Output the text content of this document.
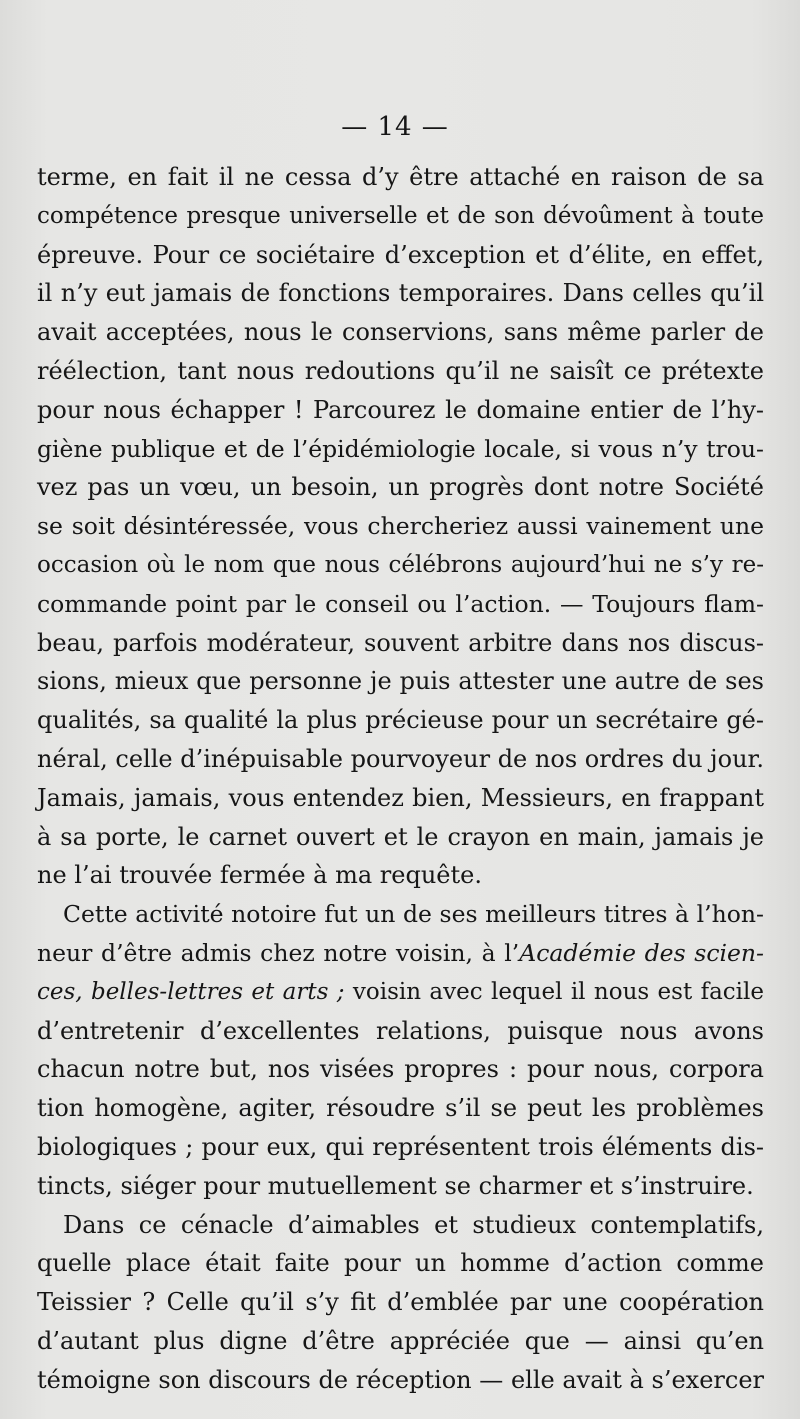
— 14 —
terme, en fait il ne cessa d’y être attaché en raison de sa
compétence presque universelle et de son dévoûment à toute
épreuve. Pour ce sociétaire d’exception et d’élite, en effet,
il n’y eut jamais de fonctions temporaires. Dans celles qu’il
avait acceptées, nous le conservions, sans même parler de
réélection, tant nous redoutions qu’il ne saisît ce prétexte
pour nous échapper ! Parcourez le domaine entier de l’hy-
giène publique et de l’épidémiologie locale, si vous n’y trou-
vez pas un vœu, un besoin, un progrès dont notre Société
se soit désintéressée, vous chercheriez aussi vainement une
occasion où le nom que nous célébrons aujourd’hui ne s’y re-
commande point par le conseil ou l’action. — Toujours flam-
beau, parfois modérateur, souvent arbitre dans nos discus-
sions, mieux que personne je puis attester une autre de ses
qualités, sa qualité la plus précieuse pour un secrétaire gé-
néral, celle d’inépuisable pourvoyeur de nos ordres du jour.
Jamais, jamais, vous entendez bien, Messieurs, en frappant
à sa porte, le carnet ouvert et le crayon en main, jamais je
ne l’ai trouvée fermée à ma requête.
Cette activité notoire fut un de ses meilleurs titres à l’hon-
neur d’être admis chez notre voisin, à l’Académie des scien-
ces, belles-lettres et arts ; voisin avec lequel il nous est facile
d’entretenir d’excellentes relations, puisque nous avons
chacun notre but, nos visées propres : pour nous, corpora
tion homogène, agiter, résoudre s’il se peut les problèmes
biologiques ; pour eux, qui représentent trois éléments dis-
tincts, siéger pour mutuellement se charmer et s’instruire.
Dans ce cénacle d’aimables et studieux contemplatifs,
quelle place était faite pour un homme d’action comme
Teissier ? Celle qu’il s’y fit d’emblée par une coopération
d’autant plus digne d’être appréciée que — ainsi qu’en
témoigne son discours de réception — elle avait à s’exercer
